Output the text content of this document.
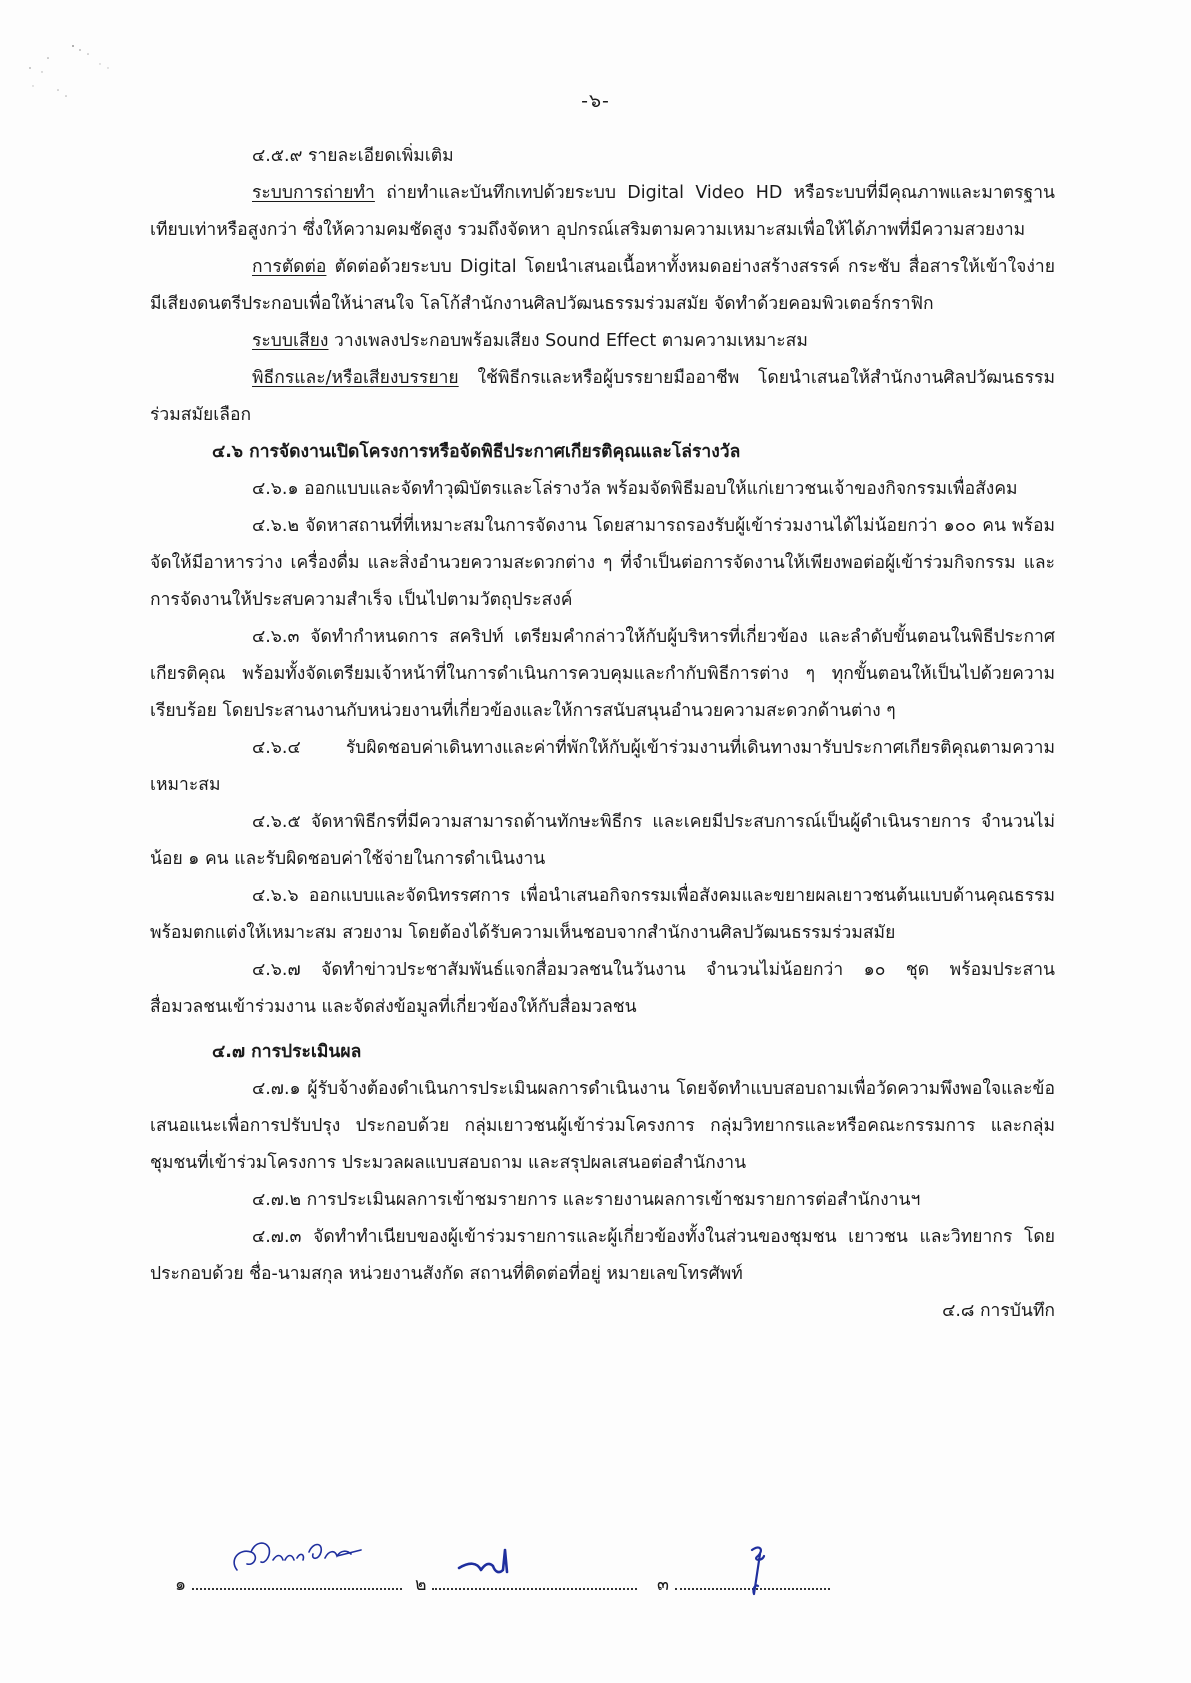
-๖-

๔.๕.๙ รายละเอียดเพิ่มเติม

ระบบการถ่ายทำ ถ่ายทำและบันทึกเทปด้วยระบบ Digital Video HD หรือระบบที่มีคุณภาพและมาตรฐานเทียบเท่าหรือสูงกว่า ซึ่งให้ความคมชัดสูง รวมถึงจัดหา อุปกรณ์เสริมตามความเหมาะสมเพื่อให้ได้ภาพที่มีความสวยงาม

การตัดต่อ ตัดต่อด้วยระบบ Digital โดยนำเสนอเนื้อหาทั้งหมดอย่างสร้างสรรค์ กระชับ สื่อสารให้เข้าใจง่าย มีเสียงดนตรีประกอบเพื่อให้น่าสนใจ โลโก้สำนักงานศิลปวัฒนธรรมร่วมสมัย จัดทำด้วยคอมพิวเตอร์กราฟิก

ระบบเสียง วางเพลงประกอบพร้อมเสียง Sound Effect ตามความเหมาะสม

พิธีกรและ/หรือเสียงบรรยาย ใช้พิธีกรและหรือผู้บรรยายมืออาชีพ โดยนำเสนอให้สำนักงานศิลปวัฒนธรรมร่วมสมัยเลือก

๔.๖ การจัดงานเปิดโครงการหรือจัดพิธีประกาศเกียรติคุณและโล่รางวัล

๔.๖.๑ ออกแบบและจัดทำวุฒิบัตรและโล่รางวัล พร้อมจัดพิธีมอบให้แก่เยาวชนเจ้าของกิจกรรมเพื่อสังคม

๔.๖.๒ จัดหาสถานที่ที่เหมาะสมในการจัดงาน โดยสามารถรองรับผู้เข้าร่วมงานได้ไม่น้อยกว่า ๑๐๐ คน พร้อมจัดให้มีอาหารว่าง เครื่องดื่ม และสิ่งอำนวยความสะดวกต่าง ๆ ที่จำเป็นต่อการจัดงานให้เพียงพอต่อผู้เข้าร่วมกิจกรรม และการจัดงานให้ประสบความสำเร็จ เป็นไปตามวัตถุประสงค์

๔.๖.๓ จัดทำกำหนดการ สคริปท์ เตรียมคำกล่าวให้กับผู้บริหารที่เกี่ยวข้อง และลำดับขั้นตอนในพิธีประกาศเกียรติคุณ พร้อมทั้งจัดเตรียมเจ้าหน้าที่ในการดำเนินการควบคุมและกำกับพิธีการต่าง ๆ ทุกขั้นตอนให้เป็นไปด้วยความเรียบร้อย โดยประสานงานกับหน่วยงานที่เกี่ยวข้องและให้การสนับสนุนอำนวยความสะดวกด้านต่าง ๆ

๔.๖.๔ รับผิดชอบค่าเดินทางและค่าที่พักให้กับผู้เข้าร่วมงานที่เดินทางมารับประกาศเกียรติคุณตามความเหมาะสม

๔.๖.๕ จัดหาพิธีกรที่มีความสามารถด้านทักษะพิธีกร และเคยมีประสบการณ์เป็นผู้ดำเนินรายการ จำนวนไม่น้อย ๑ คน และรับผิดชอบค่าใช้จ่ายในการดำเนินงาน

๔.๖.๖ ออกแบบและจัดนิทรรศการ เพื่อนำเสนอกิจกรรมเพื่อสังคมและขยายผลเยาวชนต้นแบบด้านคุณธรรม พร้อมตกแต่งให้เหมาะสม สวยงาม โดยต้องได้รับความเห็นชอบจากสำนักงานศิลปวัฒนธรรมร่วมสมัย

๔.๖.๗ จัดทำข่าวประชาสัมพันธ์แจกสื่อมวลชนในวันงาน จำนวนไม่น้อยกว่า ๑๐ ชุด พร้อมประสานสื่อมวลชนเข้าร่วมงาน และจัดส่งข้อมูลที่เกี่ยวข้องให้กับสื่อมวลชน

๔.๗ การประเมินผล

๔.๗.๑ ผู้รับจ้างต้องดำเนินการประเมินผลการดำเนินงาน โดยจัดทำแบบสอบถามเพื่อวัดความพึงพอใจและข้อเสนอแนะเพื่อการปรับปรุง ประกอบด้วย กลุ่มเยาวชนผู้เข้าร่วมโครงการ กลุ่มวิทยากรและหรือคณะกรรมการ และกลุ่มชุมชนที่เข้าร่วมโครงการ ประมวลผลแบบสอบถาม และสรุปผลเสนอต่อสำนักงาน

๔.๗.๒ การประเมินผลการเข้าชมรายการ และรายงานผลการเข้าชมรายการต่อสำนักงานฯ

๔.๗.๓ จัดทำทำเนียบของผู้เข้าร่วมรายการและผู้เกี่ยวข้องทั้งในส่วนของชุมชน เยาวชน และวิทยากร โดยประกอบด้วย ชื่อ-นามสกุล หน่วยงานสังกัด สถานที่ติดต่อที่อยู่ หมายเลขโทรศัพท์

๔.๘ การบันทึก

๑	๒	๓
